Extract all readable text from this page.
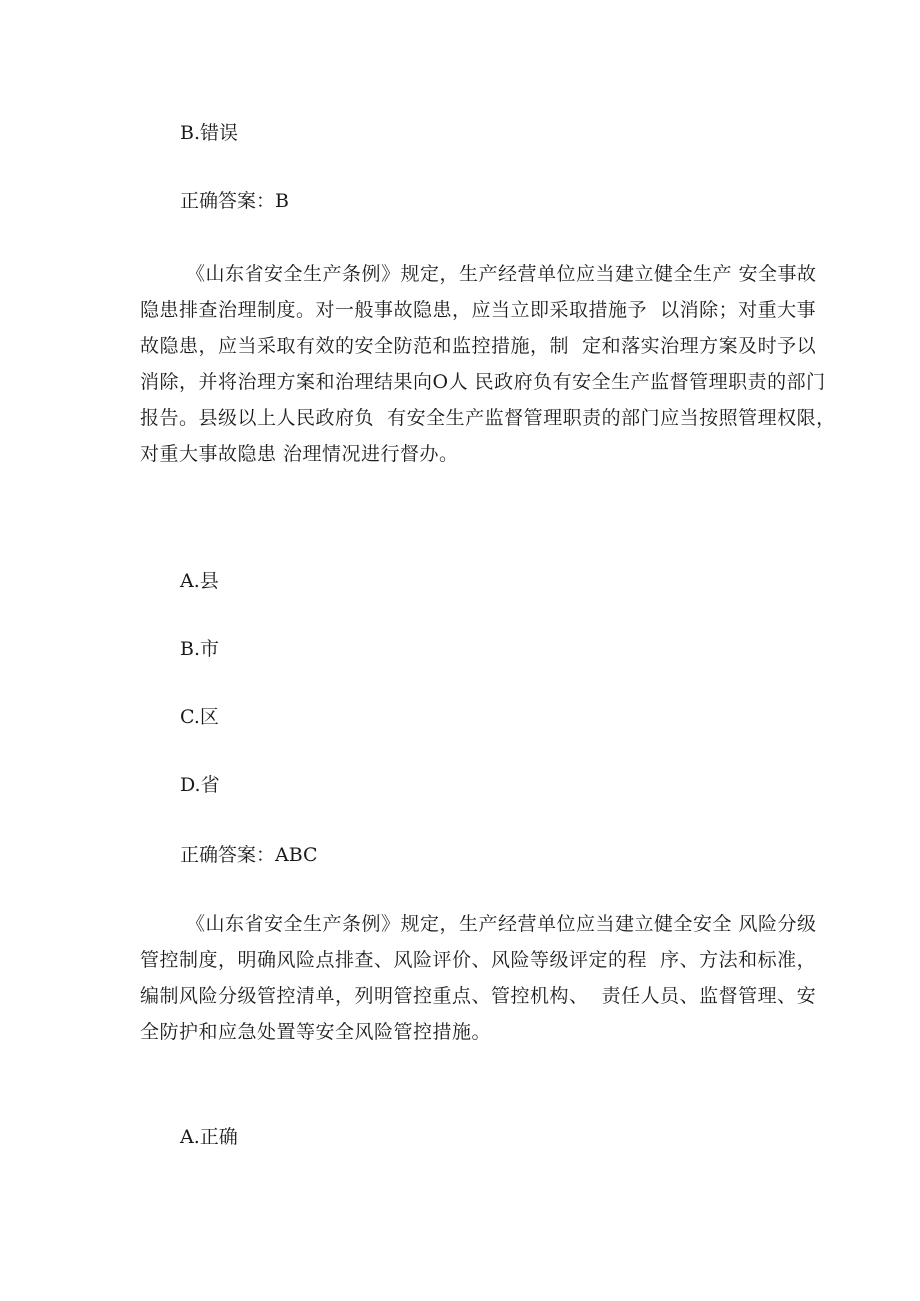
B.错误

正确答案：B

《山东省安全生产条例》规定，生产经营单位应当建立健全生产 安全事故
隐患排查治理制度。对一般事故隐患，应当立即采取措施予  以消除；对重大事
故隐患，应当采取有效的安全防范和监控措施，制  定和落实治理方案及时予以
消除，并将治理方案和治理结果向O人 民政府负有安全生产监督管理职责的部门
报告。县级以上人民政府负  有安全生产监督管理职责的部门应当按照管理权限，
对重大事故隐患 治理情况进行督办。

A.县

B.市

C.区

D.省

正确答案：ABC

《山东省安全生产条例》规定，生产经营单位应当建立健全安全 风险分级
管控制度，明确风险点排查、风险评价、风险等级评定的程  序、方法和标准，
编制风险分级管控清单，列明管控重点、管控机构、  责任人员、监督管理、安
全防护和应急处置等安全风险管控措施。

A.正确
